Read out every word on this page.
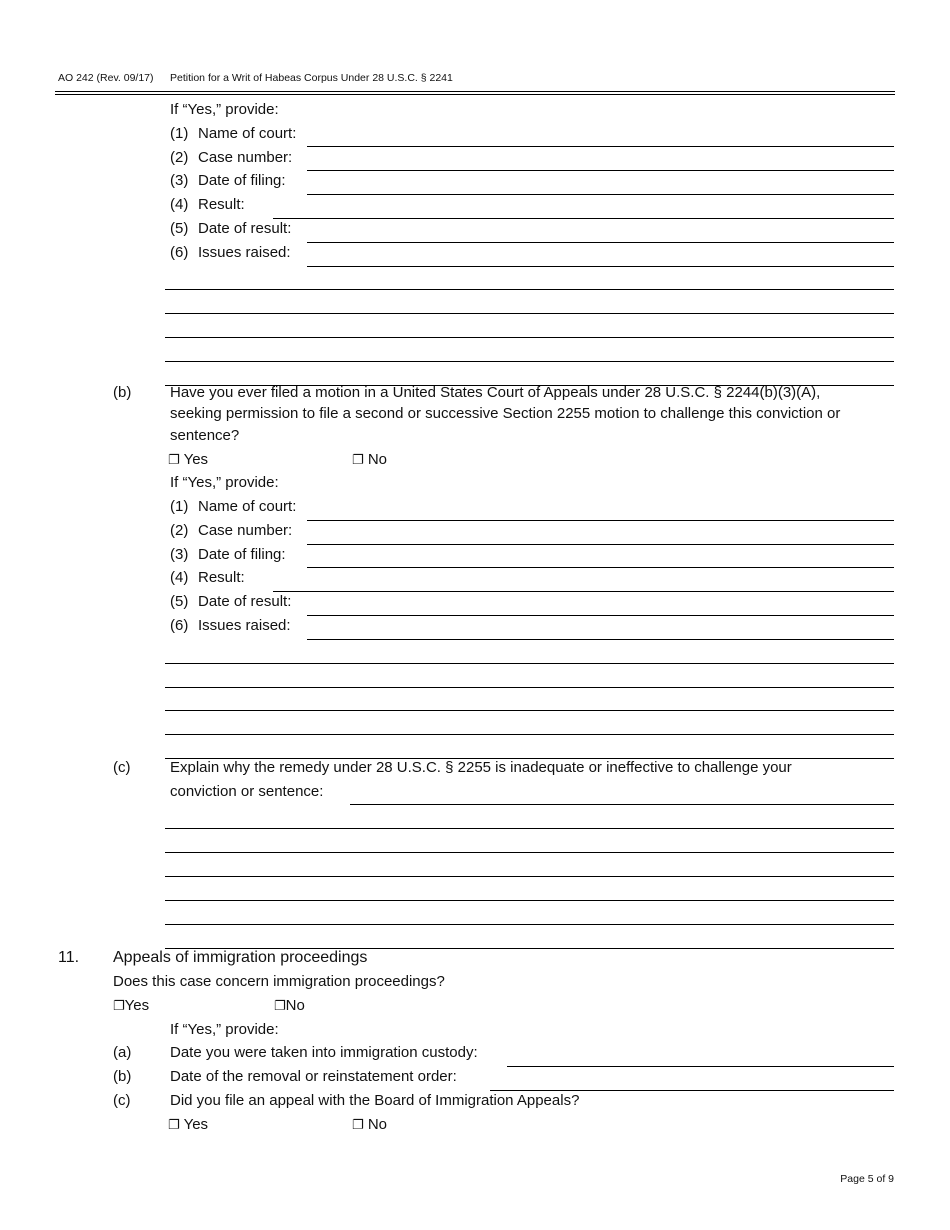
AO 242 (Rev. 09/17) Petition for a Writ of Habeas Corpus Under 28 U.S.C. § 2241
If “Yes,” provide:
(1) Name of court:
(2) Case number:
(3) Date of filing:
(4) Result:
(5) Date of result:
(6) Issues raised:
(b)	Have you ever filed a motion in a United States Court of Appeals under 28 U.S.C. § 2244(b)(3)(A),
seeking permission to file a second or successive Section 2255 motion to challenge this conviction or
sentence?
❐ Yes	❐ No
If “Yes,” provide:
(1) Name of court:
(2) Case number:
(3) Date of filing:
(4) Result:
(5) Date of result:
(6) Issues raised:
(c)	Explain why the remedy under 28 U.S.C. § 2255 is inadequate or ineffective to challenge your
conviction or sentence:
11. Appeals of immigration proceedings
Does this case concern immigration proceedings?
❐Yes	❐No
If “Yes,” provide:
(a)	Date you were taken into immigration custody:
(b)	Date of the removal or reinstatement order:
(c)	Did you file an appeal with the Board of Immigration Appeals?
❐ Yes	❐ No
Page 5 of 9
